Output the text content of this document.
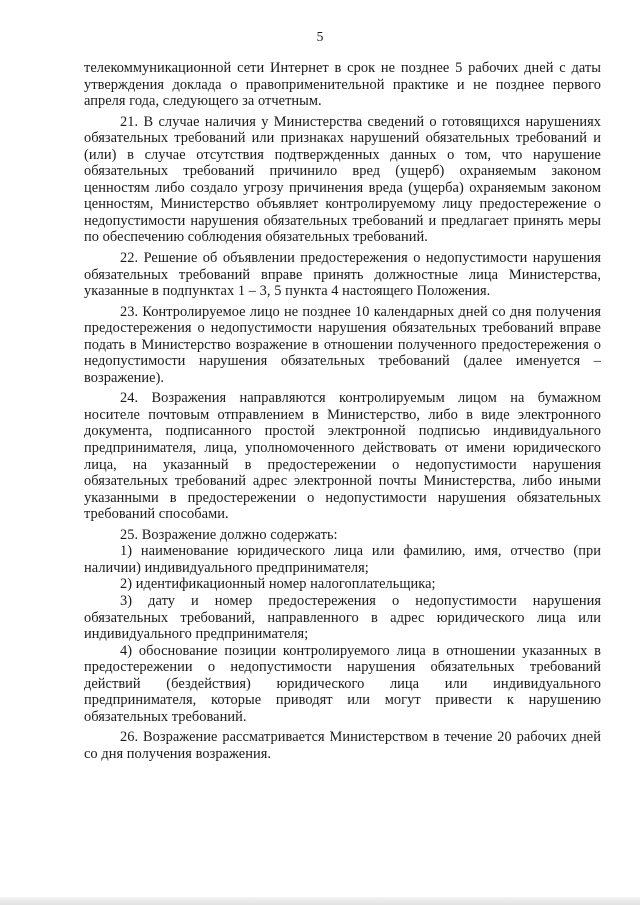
5

телекоммуникационной сети Интернет в срок не позднее 5 рабочих дней с даты утверждения доклада о правоприменительной практике и не позднее первого апреля года, следующего за отчетным.

21. В случае наличия у Министерства сведений о готовящихся нарушениях обязательных требований или признаках нарушений обязательных требований и (или) в случае отсутствия подтвержденных данных о том, что нарушение обязательных требований причинило вред (ущерб) охраняемым законом ценностям либо создало угрозу причинения вреда (ущерба) охраняемым законом ценностям, Министерство объявляет контролируемому лицу предостережение о недопустимости нарушения обязательных требований и предлагает принять меры по обеспечению соблюдения обязательных требований.

22. Решение об объявлении предостережения о недопустимости нарушения обязательных требований вправе принять должностные лица Министерства, указанные в подпунктах 1 – 3, 5 пункта 4 настоящего Положения.

23. Контролируемое лицо не позднее 10 календарных дней со дня получения предостережения о недопустимости нарушения обязательных требований вправе подать в Министерство возражение в отношении полученного предостережения о недопустимости нарушения обязательных требований (далее именуется – возражение).

24. Возражения направляются контролируемым лицом на бумажном носителе почтовым отправлением в Министерство, либо в виде электронного документа, подписанного простой электронной подписью индивидуального предпринимателя, лица, уполномоченного действовать от имени юридического лица, на указанный в предостережении о недопустимости нарушения обязательных требований адрес электронной почты Министерства, либо иными указанными в предостережении о недопустимости нарушения обязательных требований способами.

25. Возражение должно содержать:

1) наименование юридического лица или фамилию, имя, отчество (при наличии) индивидуального предпринимателя;

2) идентификационный номер налогоплательщика;

3) дату и номер предостережения о недопустимости нарушения обязательных требований, направленного в адрес юридического лица или индивидуального предпринимателя;

4) обоснование позиции контролируемого лица в отношении указанных в предостережении о недопустимости нарушения обязательных требований действий (бездействия) юридического лица или индивидуального предпринимателя, которые приводят или могут привести к нарушению обязательных требований.

26. Возражение рассматривается Министерством в течение 20 рабочих дней со дня получения возражения.
